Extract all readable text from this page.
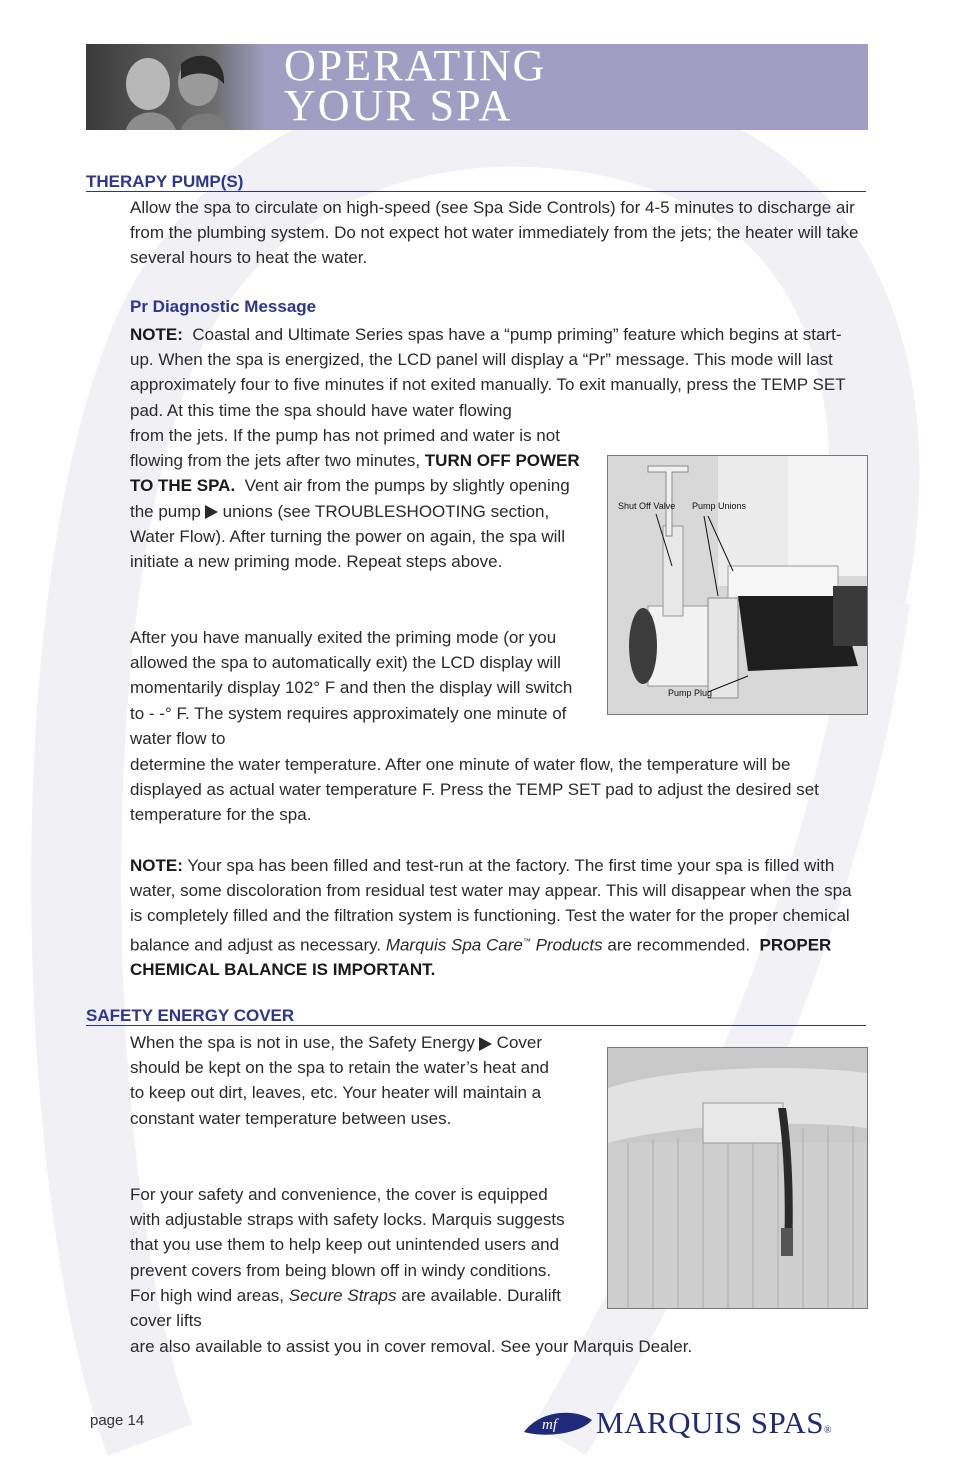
OPERATING
YOUR SPA
THERAPY PUMP(S)
Allow the spa to circulate on high-speed (see Spa Side Controls) for 4-5 minutes to discharge air from the plumbing system. Do not expect hot water immediately from the jets; the heater will take several hours to heat the water.
Pr Diagnostic Message
NOTE: Coastal and Ultimate Series spas have a “pump priming” feature which begins at start-up. When the spa is energized, the LCD panel will display a “Pr” message. This mode will last approximately four to five minutes if not exited manually. To exit manually, press the TEMP SET pad. At this time the spa should have water flowing
from the jets. If the pump has not primed and water is not flowing from the jets after two minutes, TURN OFF POWER TO THE SPA. Vent air from the pumps by slightly opening the pump unions (see TROUBLESHOOTING section, Water Flow). After turning the power on again, the spa will initiate a new priming mode. Repeat steps above.
After you have manually exited the priming mode (or you allowed the spa to automatically exit) the LCD display will momentarily display 102° F and then the display will switch to - -° F. The system requires approximately one minute of water flow to
determine the water temperature. After one minute of water flow, the temperature will be displayed as actual water temperature F. Press the TEMP SET pad to adjust the desired set temperature for the spa.
NOTE: Your spa has been filled and test-run at the factory. The first time your spa is filled with water, some discoloration from residual test water may appear. This will disappear when the spa is completely filled and the filtration system is functioning. Test the water for the proper chemical balance and adjust as necessary. Marquis Spa Care™ Products are recommended. PROPER CHEMICAL BALANCE IS IMPORTANT.
Shut Off Valve Pump Unions
Pump Plug
SAFETY ENERGY COVER
When the spa is not in use, the Safety Energy Cover should be kept on the spa to retain the water’s heat and to keep out dirt, leaves, etc. Your heater will maintain a constant water temperature between uses.
For your safety and convenience, the cover is equipped with adjustable straps with safety locks. Marquis suggests that you use them to help keep out unintended users and prevent covers from being blown off in windy conditions. For high wind areas, Secure Straps are available. Duralift cover lifts
are also available to assist you in cover removal. See your Marquis Dealer.
page 14	mf MARQUIS SPAS®
